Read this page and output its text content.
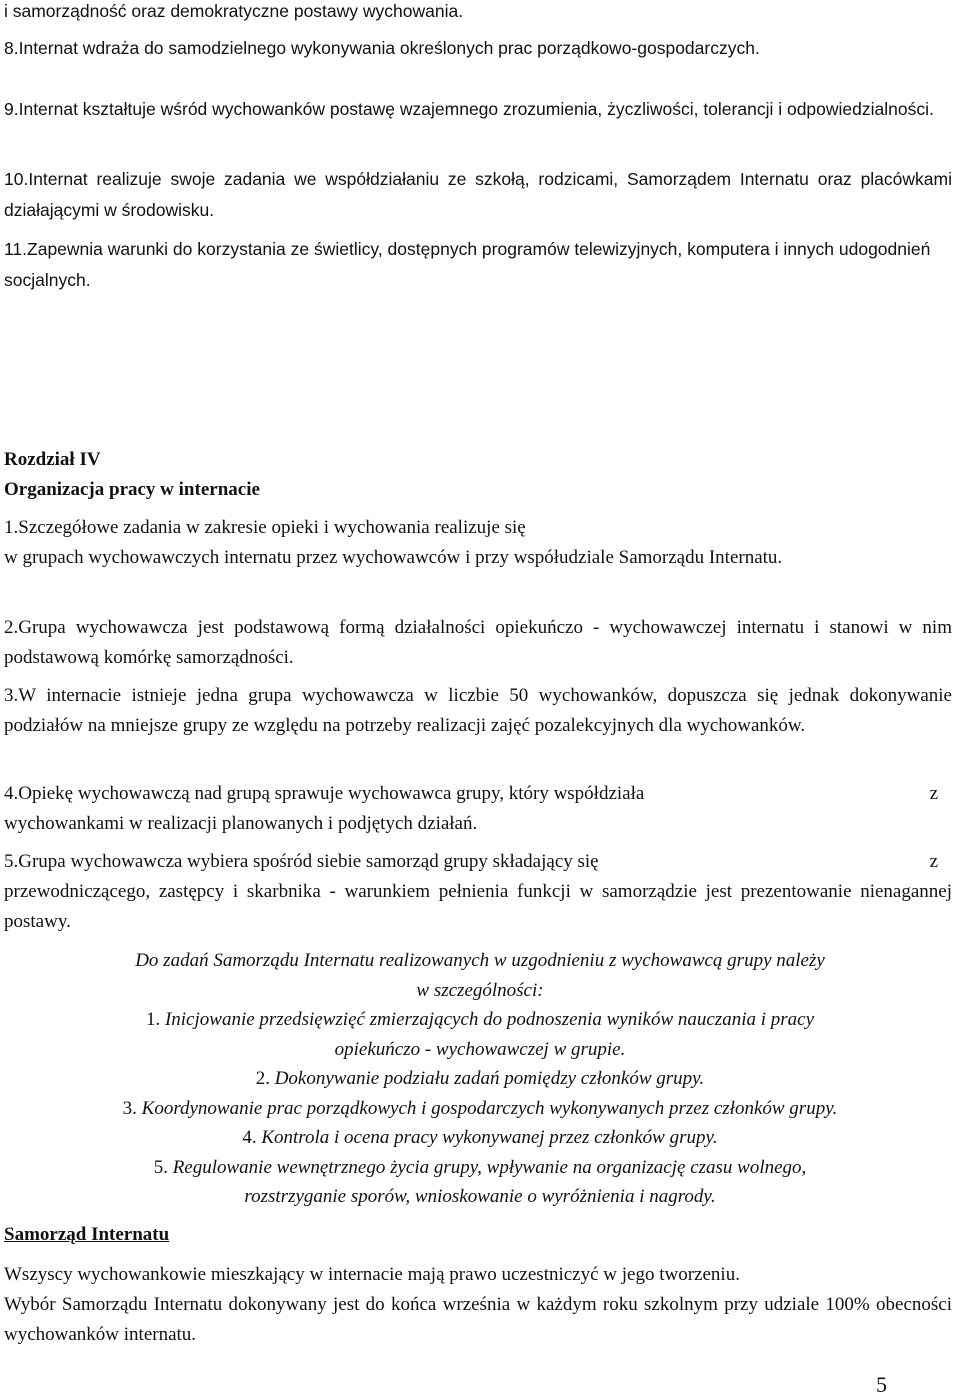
i samorządność oraz demokratyczne postawy wychowania.

8.Internat wdraża do samodzielnego wykonywania określonych prac porządkowo-gospodarczych.

9.Internat kształtuje wśród wychowanków postawę wzajemnego zrozumienia, życzliwości, tolerancji i odpowiedzialności.

10.Internat realizuje swoje zadania we współdziałaniu ze szkołą, rodzicami, Samorządem Internatu oraz placówkami działającymi w środowisku.

11.Zapewnia warunki do korzystania ze świetlicy, dostępnych programów telewizyjnych, komputera i innych udogodnień socjalnych.

Rozdział IV

Organizacja pracy w internacie

1.Szczegółowe zadania w zakresie opieki i wychowania realizuje się

w grupach wychowawczych internatu przez wychowawców i przy współudziale Samorządu Internatu.

2.Grupa wychowawcza jest podstawową formą działalności opiekuńczo - wychowawczej internatu i stanowi w nim podstawową komórkę samorządności.

3.W internacie istnieje jedna grupa wychowawcza w liczbie 50 wychowanków, dopuszcza się jednak dokonywanie podziałów na mniejsze grupy ze względu na potrzeby realizacji zajęć pozalekcyjnych dla wychowanków.

4.Opiekę wychowawczą nad grupą sprawuje wychowawca grupy, który współdziała	z

wychowankami w realizacji planowanych i podjętych działań.

5.Grupa wychowawcza wybiera spośród siebie samorząd grupy składający się	z

przewodniczącego, zastępcy i skarbnika - warunkiem pełnienia funkcji w samorządzie jest prezentowanie nienagannej postawy.

Do zadań Samorządu Internatu realizowanych w uzgodnieniu z wychowawcą grupy należy

w szczególności:

1. Inicjowanie przedsięwzięć zmierzających do podnoszenia wyników nauczania i pracy

opiekuńczo - wychowawczej w grupie.

2. Dokonywanie podziału zadań pomiędzy członków grupy.

3. Koordynowanie prac porządkowych i gospodarczych wykonywanych przez członków grupy.

4. Kontrola i ocena pracy wykonywanej przez członków grupy.

5. Regulowanie wewnętrznego życia grupy, wpływanie na organizację czasu wolnego,

rozstrzyganie sporów, wnioskowanie o wyróżnienia i nagrody.

Samorząd Internatu

Wszyscy wychowankowie mieszkający w internacie mają prawo uczestniczyć w jego tworzeniu.

Wybór Samorządu Internatu dokonywany jest do końca września w każdym roku szkolnym przy udziale 100% obecności wychowanków internatu.

5
